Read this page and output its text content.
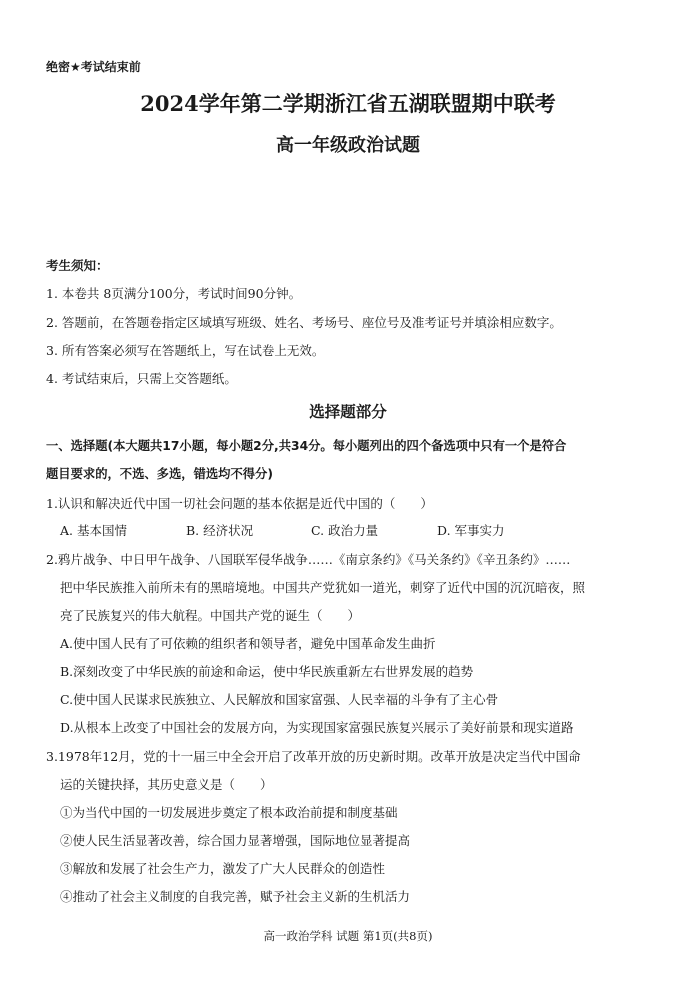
绝密★考试结束前
2024学年第二学期浙江省五湖联盟期中联考
高一年级政治试题
考生须知：
1. 本卷共 8页满分100分，考试时间90分钟。
2. 答题前，在答题卷指定区域填写班级、姓名、考场号、座位号及准考证号并填涂相应数字。
3. 所有答案必须写在答题纸上，写在试卷上无效。
4. 考试结束后，只需上交答题纸。
选择题部分
一、选择题(本大题共17小题，每小题2分,共34分。每小题列出的四个备选项中只有一个是符合
题目要求的，不选、多选，错选均不得分)
1.认识和解决近代中国一切社会问题的基本依据是近代中国的（　　）
A. 基本国情	B. 经济状况	C. 政治力量	D. 军事实力
2.鸦片战争、中日甲午战争、八国联军侵华战争……《南京条约》《马关条约》《辛丑条约》……
把中华民族推入前所未有的黑暗境地。中国共产党犹如一道光，刺穿了近代中国的沉沉暗夜，照
亮了民族复兴的伟大航程。中国共产党的诞生（　　）
A.使中国人民有了可依赖的组织者和领导者，避免中国革命发生曲折
B.深刻改变了中华民族的前途和命运，使中华民族重新左右世界发展的趋势
C.使中国人民谋求民族独立、人民解放和国家富强、人民幸福的斗争有了主心骨
D.从根本上改变了中国社会的发展方向，为实现国家富强民族复兴展示了美好前景和现实道路
3.1978年12月，党的十一届三中全会开启了改革开放的历史新时期。改革开放是决定当代中国命
运的关键抉择，其历史意义是（　　）
①为当代中国的一切发展进步奠定了根本政治前提和制度基础
②使人民生活显著改善，综合国力显著增强，国际地位显著提高
③解放和发展了社会生产力，激发了广大人民群众的创造性
④推动了社会主义制度的自我完善，赋予社会主义新的生机活力
高一政治学科 试题 第1页(共8页)
